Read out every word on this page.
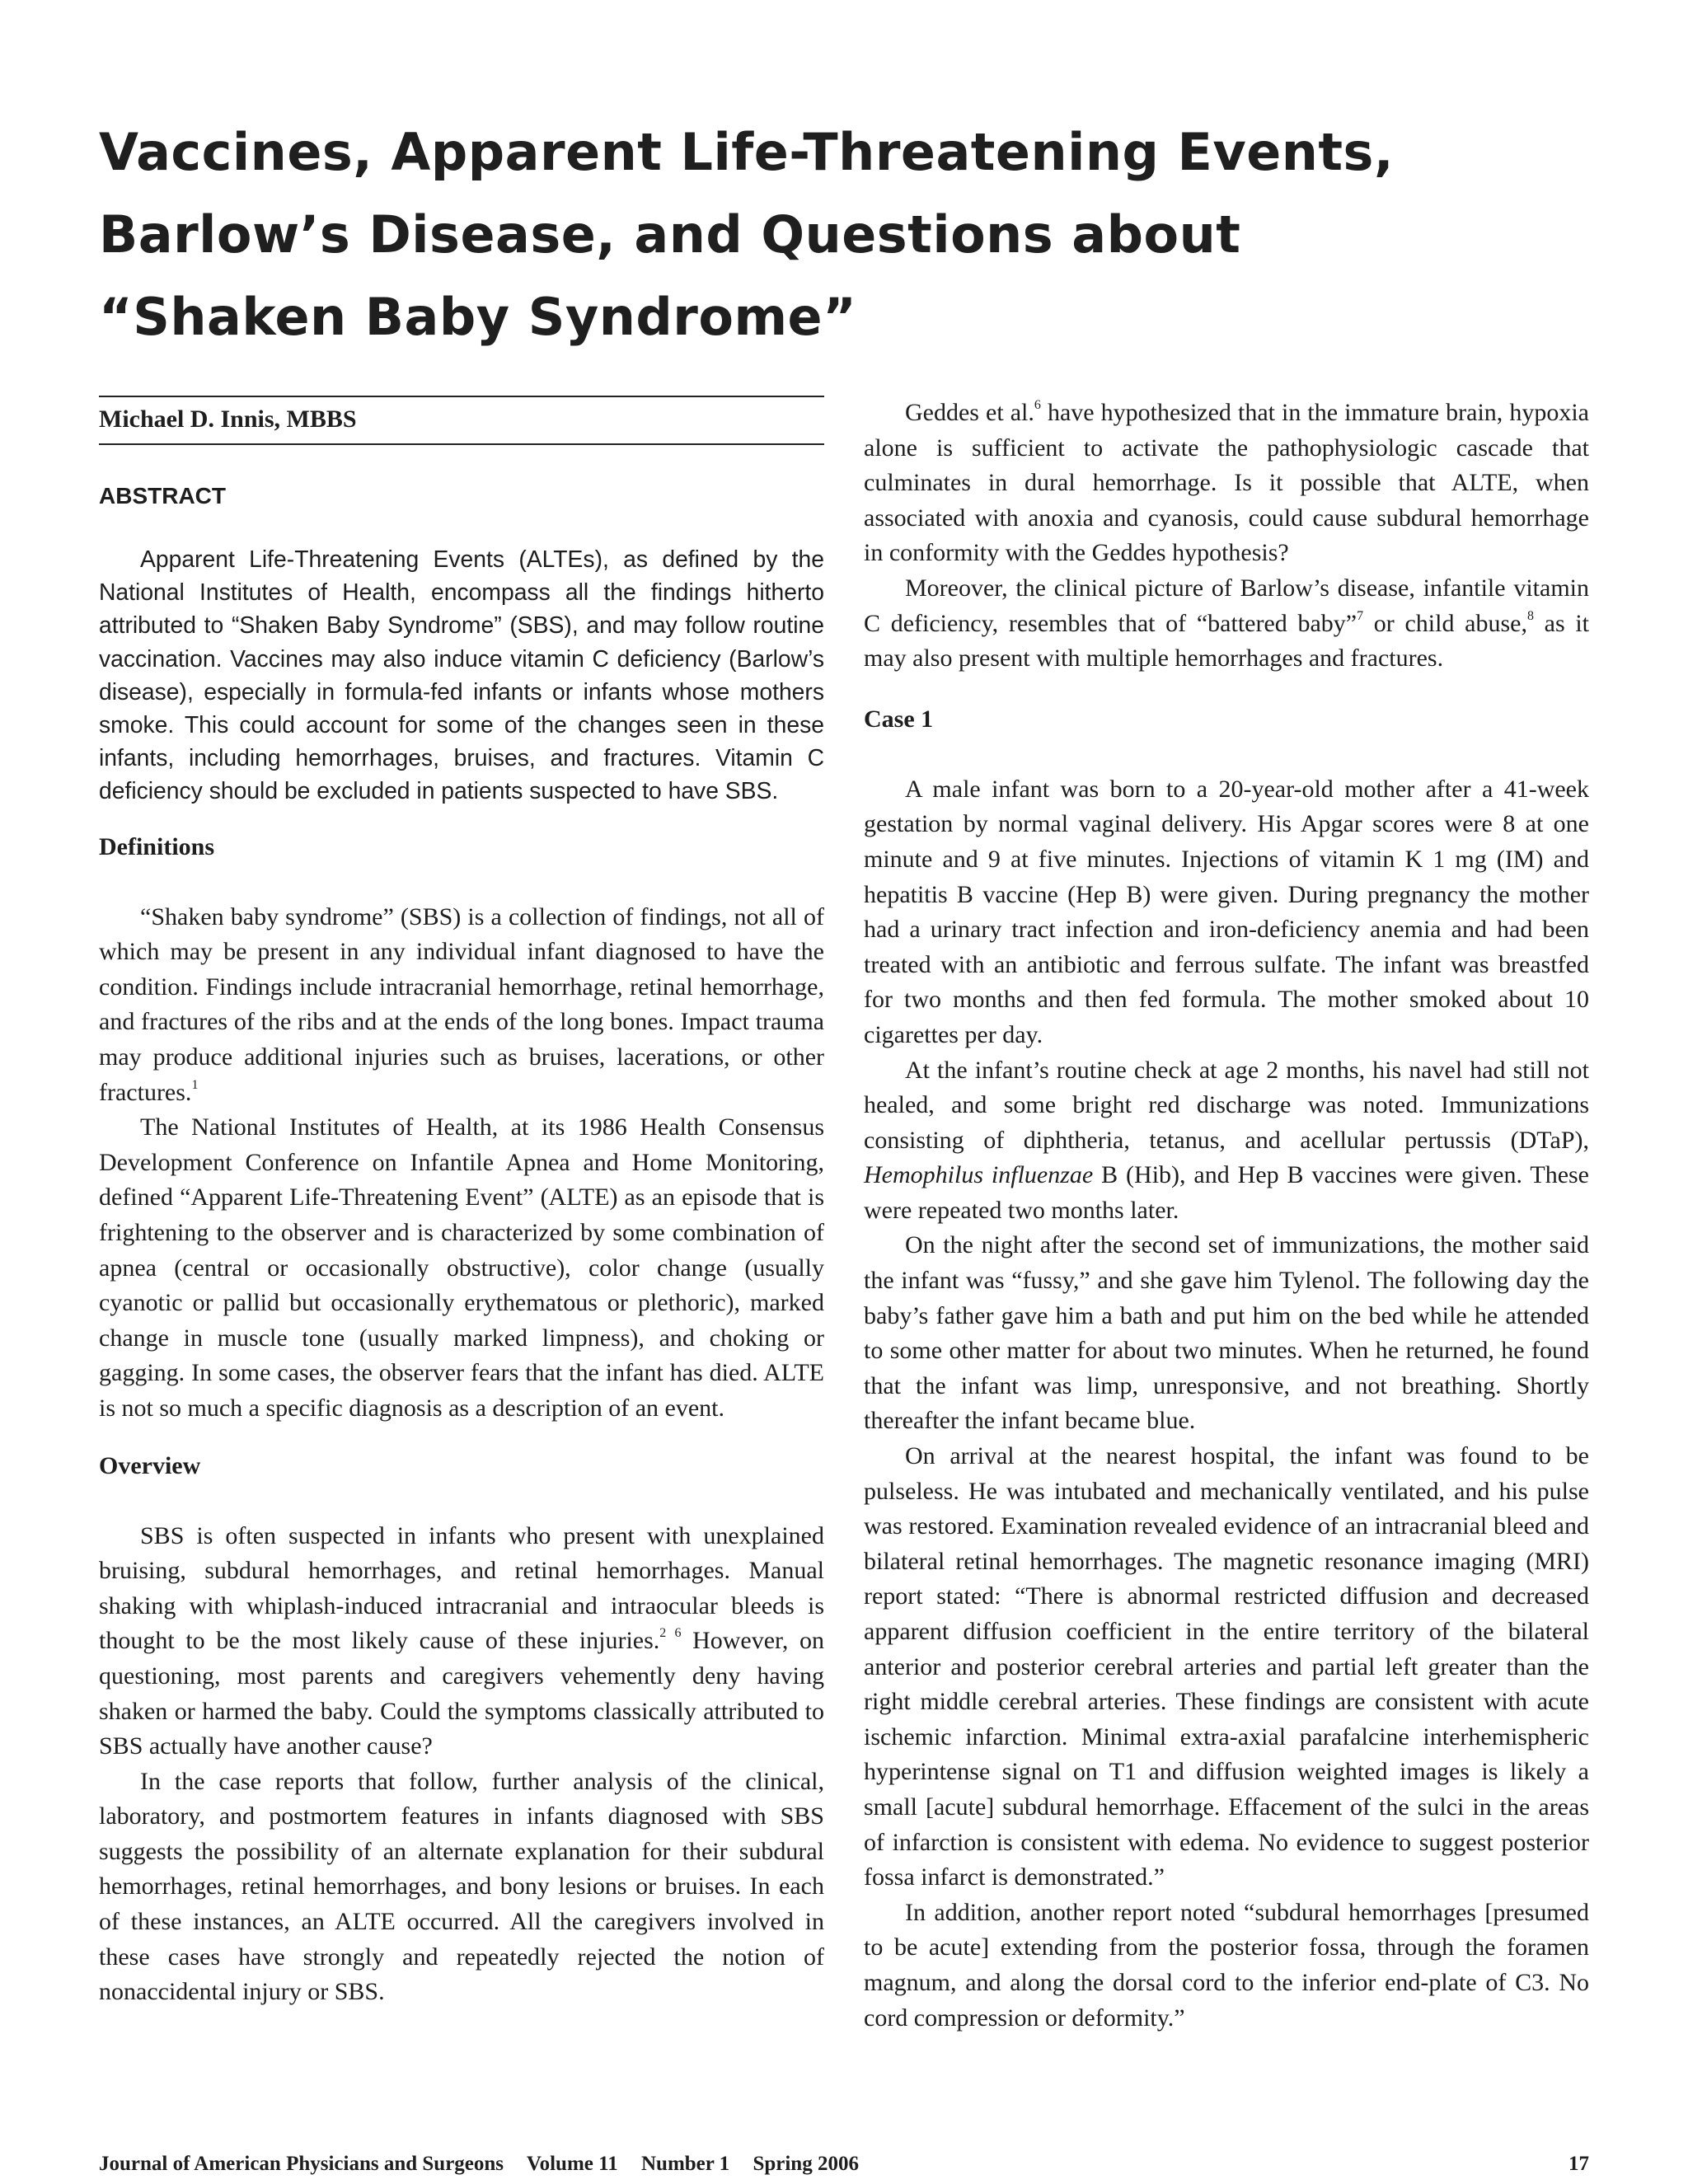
Vaccines, Apparent Life-Threatening Events,
Barlow’s Disease, and Questions about
“Shaken Baby Syndrome”
Michael D. Innis, MBBS
ABSTRACT

Apparent Life-Threatening Events (ALTEs), as defined by the National Institutes of Health, encompass all the findings hitherto attributed to “Shaken Baby Syndrome” (SBS), and may follow routine vaccination. Vaccines may also induce vitamin C deficiency (Barlow’s disease), especially in formula-fed infants or infants whose mothers smoke. This could account for some of the changes seen in these infants, including hemorrhages, bruises, and fractures. Vitamin C deficiency should be excluded in patients suspected to have SBS.

Definitions

“Shaken baby syndrome” (SBS) is a collection of findings, not all of which may be present in any individual infant diagnosed to have the condition. Findings include intracranial hemorrhage, retinal hemorrhage, and fractures of the ribs and at the ends of the long bones. Impact trauma may produce additional injuries such as bruises, lacerations, or other fractures.$^1$

The National Institutes of Health, at its 1986 Health Consensus Development Conference on Infantile Apnea and Home Monitoring, defined “Apparent Life-Threatening Event” (ALTE) as an episode that is frightening to the observer and is characterized by some combination of apnea (central or occasionally obstructive), color change (usually cyanotic or pallid but occasionally erythematous or plethoric), marked change in muscle tone (usually marked limpness), and choking or gagging. In some cases, the observer fears that the infant has died. ALTE is not so much a specific diagnosis as a description of an event.

Overview

SBS is often suspected in infants who present with unexplained bruising, subdural hemorrhages, and retinal hemorrhages. Manual shaking with whiplash-induced intracranial and intraocular bleeds is thought to be the most likely cause of these injuries.$^{2 6}$ However, on questioning, most parents and caregivers vehemently deny having shaken or harmed the baby. Could the symptoms classically attributed to SBS actually have another cause?

In the case reports that follow, further analysis of the clinical, laboratory, and postmortem features in infants diagnosed with SBS suggests the possibility of an alternate explanation for their subdural hemorrhages, retinal hemorrhages, and bony lesions or bruises. In each of these instances, an ALTE occurred. All the caregivers involved in these cases have strongly and repeatedly rejected the notion of nonaccidental injury or SBS.

Geddes et al.$^6$ have hypothesized that in the immature brain, hypoxia alone is sufficient to activate the pathophysiologic cascade that culminates in dural hemorrhage. Is it possible that ALTE, when associated with anoxia and cyanosis, could cause subdural hemorrhage in conformity with the Geddes hypothesis?

Moreover, the clinical picture of Barlow’s disease, infantile vitamin C deficiency, resembles that of “battered baby”$^7$ or child abuse,$^8$ as it may also present with multiple hemorrhages and fractures.

Case 1

A male infant was born to a 20-year-old mother after a 41-week gestation by normal vaginal delivery. His Apgar scores were 8 at one minute and 9 at five minutes. Injections of vitamin K 1 mg (IM) and hepatitis B vaccine (Hep B) were given. During pregnancy the mother had a urinary tract infection and iron-deficiency anemia and had been treated with an antibiotic and ferrous sulfate. The infant was breastfed for two months and then fed formula. The mother smoked about 10 cigarettes per day.

At the infant’s routine check at age 2 months, his navel had still not healed, and some bright red discharge was noted. Immunizations consisting of diphtheria, tetanus, and acellular pertussis (DTaP), Hemophilus influenzae B (Hib), and Hep B vaccines were given. These were repeated two months later.

On the night after the second set of immunizations, the mother said the infant was “fussy,” and she gave him Tylenol. The following day the baby’s father gave him a bath and put him on the bed while he attended to some other matter for about two minutes. When he returned, he found that the infant was limp, unresponsive, and not breathing. Shortly thereafter the infant became blue.

On arrival at the nearest hospital, the infant was found to be pulseless. He was intubated and mechanically ventilated, and his pulse was restored. Examination revealed evidence of an intracranial bleed and bilateral retinal hemorrhages. The magnetic resonance imaging (MRI) report stated: “There is abnormal restricted diffusion and decreased apparent diffusion coefficient in the entire territory of the bilateral anterior and posterior cerebral arteries and partial left greater than the right middle cerebral arteries. These findings are consistent with acute ischemic infarction. Minimal extra-axial parafalcine interhemispheric hyperintense signal on T1 and diffusion weighted images is likely a small [acute] subdural hemorrhage. Effacement of the sulci in the areas of infarction is consistent with edema. No evidence to suggest posterior fossa infarct is demonstrated.”

In addition, another report noted “subdural hemorrhages [presumed to be acute] extending from the posterior fossa, through the foramen magnum, and along the dorsal cord to the inferior end-plate of C3. No cord compression or deformity.”

Journal of American Physicians and Surgeons Volume 11 Number 1 Spring 2006	17
